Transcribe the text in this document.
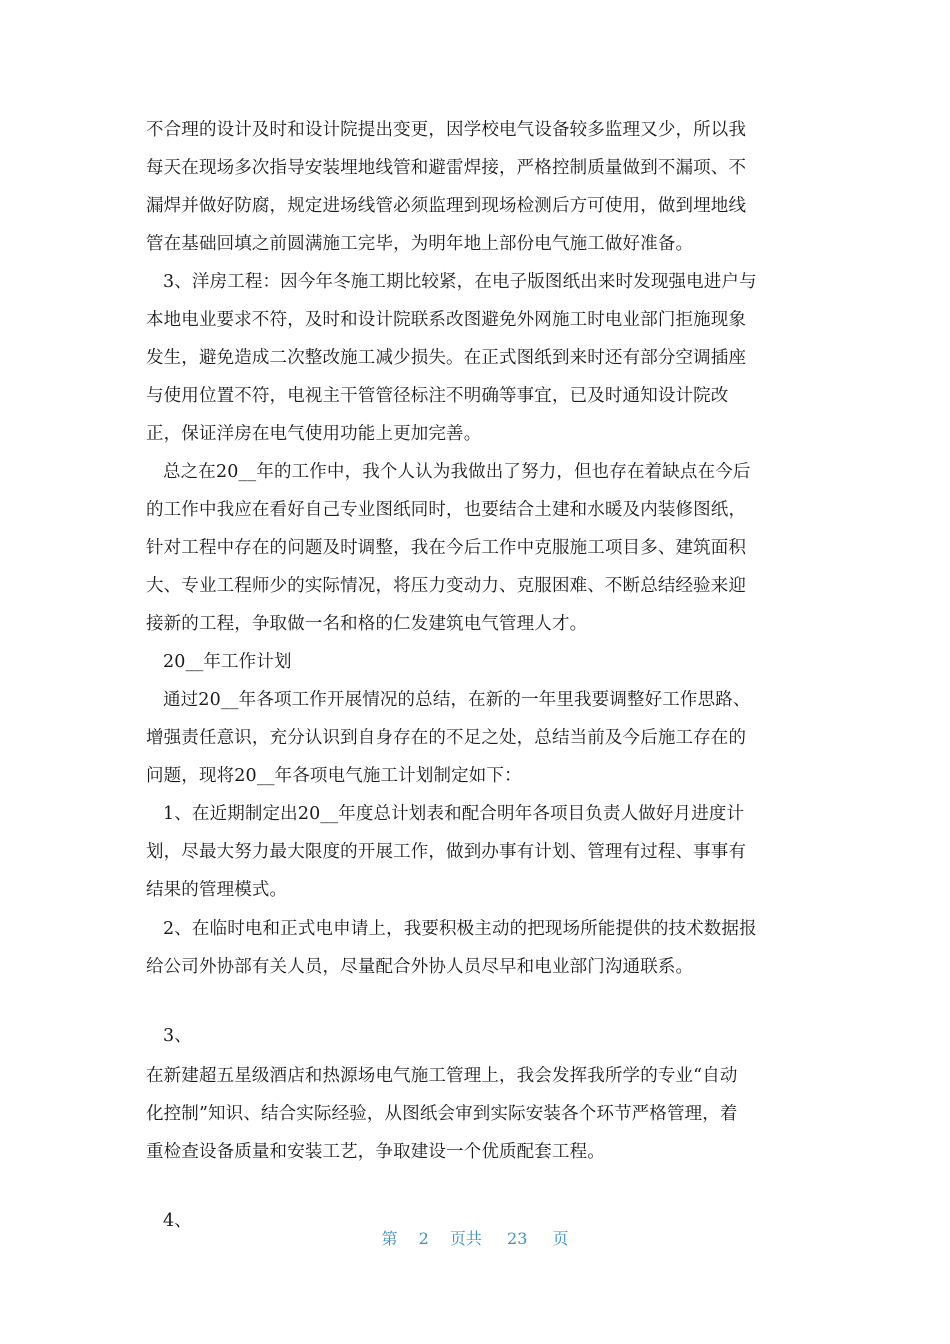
不合理的设计及时和设计院提出变更，因学校电气设备较多监理又少，所以我
每天在现场多次指导安装埋地线管和避雷焊接，严格控制质量做到不漏项、不
漏焊并做好防腐，规定进场线管必须监理到现场检测后方可使用，做到埋地线
管在基础回填之前圆满施工完毕，为明年地上部份电气施工做好准备。
3、洋房工程：因今年冬施工期比较紧，在电子版图纸出来时发现强电进户与
本地电业要求不符，及时和设计院联系改图避免外网施工时电业部门拒施现象
发生，避免造成二次整改施工减少损失。在正式图纸到来时还有部分空调插座
与使用位置不符，电视主干管管径标注不明确等事宜，已及时通知设计院改
正，保证洋房在电气使用功能上更加完善。
总之在20__年的工作中，我个人认为我做出了努力，但也存在着缺点在今后
的工作中我应在看好自己专业图纸同时，也要结合土建和水暖及内装修图纸，
针对工程中存在的问题及时调整，我在今后工作中克服施工项目多、建筑面积
大、专业工程师少的实际情况，将压力变动力、克服困难、不断总结经验来迎
接新的工程，争取做一名和格的仁发建筑电气管理人才。
20__年工作计划
通过20__年各项工作开展情况的总结，在新的一年里我要调整好工作思路、
增强责任意识，充分认识到自身存在的不足之处，总结当前及今后施工存在的
问题，现将20__年各项电气施工计划制定如下：
1、在近期制定出20__年度总计划表和配合明年各项目负责人做好月进度计
划，尽最大努力最大限度的开展工作，做到办事有计划、管理有过程、事事有
结果的管理模式。
2、在临时电和正式电申请上，我要积极主动的把现场所能提供的技术数据报
给公司外协部有关人员，尽量配合外协人员尽早和电业部门沟通联系。
3、
在新建超五星级酒店和热源场电气施工管理上，我会发挥我所学的专业“自动
化控制”知识、结合实际经验，从图纸会审到实际安装各个环节严格管理，着
重检查设备质量和安装工艺，争取建设一个优质配套工程。
4、
第 2 页共 23 页
